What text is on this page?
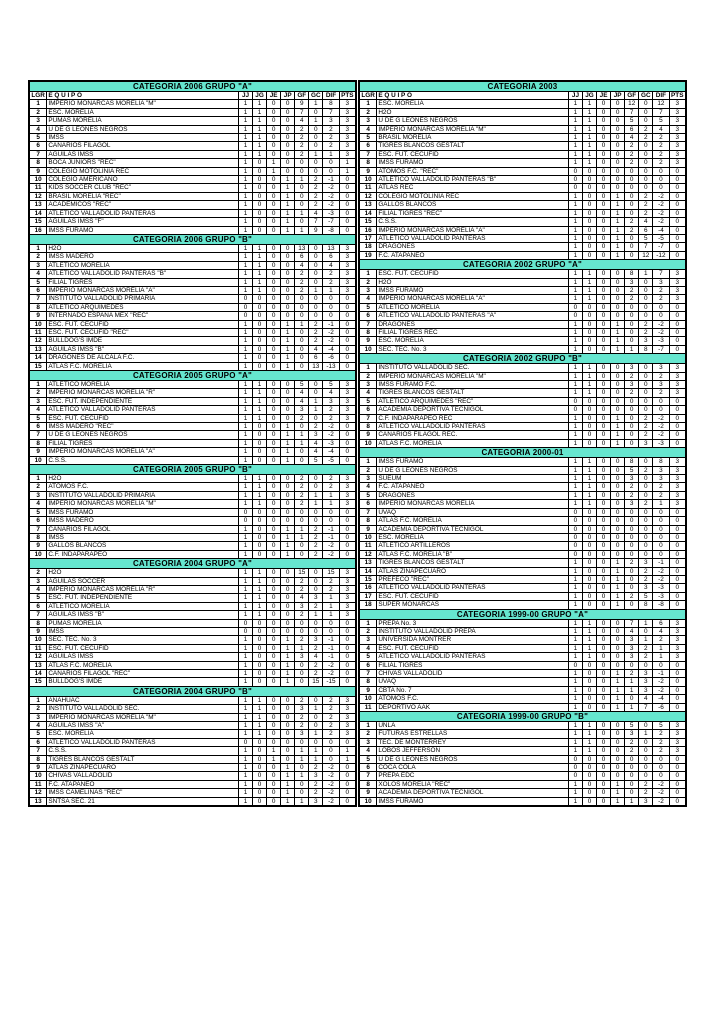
CATEGORIA 2006 GRUPO "A"									
LGR	E Q U I P O	JJ	JG	JE	JP	GF	GC	DIF	PTS
1	IMPERIO MONARCAS MORELIA "M"	1	1	0	0	9	1	8	3
2	ESC. MORELIA	1	1	0	0	7	0	7	3
3	PUMAS MORELIA	1	1	0	0	4	1	3	3
4	U DE G LEONES NEGROS	1	1	0	0	2	0	2	3
5	IMSS	1	1	0	0	2	0	2	3
6	CANARIOS FILAGOL	1	1	0	0	2	0	2	3
7	AGUILAS IMSS	1	1	0	0	2	1	1	3
8	BOCA JUNIORS "REC"	1	0	1	0	0	0	0	1
9	COLEGIO MOTOLINIA REC	1	0	1	0	0	0	0	1
10	COLEGIO AMERICANO	1	0	0	1	1	2	-1	0
11	KIDS SOCCER CLUB "REC"	1	0	0	1	0	2	-2	0
12	BRASIL MORELIA "REC"	1	0	0	1	0	2	-2	0
13	ACADEMICOS "REC"	1	0	0	1	0	2	-2	0
14	ATLETICO VALLADOLID PANTERAS	1	0	0	1	1	4	-3	0
15	AGUILAS IMSS "F"	1	0	0	1	0	7	-7	0
16	IMSS FURAMO	1	0	0	1	1	9	-8	0
CATEGORIA 2006 GRUPO "B"									
1	H2O	1	1	0	0	13	0	13	3
2	IMSS MADERO	1	1	0	0	6	0	6	3
3	ATLETICO MORELIA	1	1	0	0	4	0	4	3
4	ATLETICO VALLADOLID PANTERAS "B"	1	1	0	0	2	0	2	3
5	FILIAL TIGRES	1	1	0	0	2	0	2	3
6	IMPERIO MONARCAS MORELIA "A"	1	1	0	0	2	1	1	3
7	INSTITUTO VALLADOLID PRIMARIA	0	0	0	0	0	0	0	0
8	ATLETICO ARQUIMEDES	0	0	0	0	0	0	0	0
9	INTERNADO ESPAÑA MEX "REC"	0	0	0	0	0	0	0	0
10	ESC. FUT. CECUFID	1	0	0	1	1	2	-1	0
11	ESC. FUT. CECUFID "REC"	1	0	0	1	0	2	-2	0
12	BULLDOG'S IMDE	1	0	0	1	0	2	-2	0
13	AGUILAS IMSS "B"	1	0	0	1	0	4	-4	0
14	DRAGONES DE ALCALA F.C.	1	0	0	1	0	6	-6	0
15	ATLAS F.C. MORELIA	1	0	0	1	0	13	-13	0
CATEGORIA 2005 GRUPO "A"									
1	ATLETICO MORELIA	1	1	0	0	5	0	5	3
2	IMPERIO MONARCAS MORELIA "R"	1	1	0	0	4	0	4	3
3	ESC. FUT. INDEPENDIENTE	1	1	0	0	4	1	3	3
4	ATLETICO VALLADOLID PANTERAS	1	1	0	0	3	1	2	3
5	ESC. FUT. CECUFID	1	1	0	0	2	0	2	3
6	IMSS MADERO "REC"	1	0	0	1	0	2	-2	0
7	U DE G LEONES NEGROS	1	0	0	1	1	3	-2	0
8	FILIAL TIGRES	1	0	0	1	1	4	-3	0
9	IMPERIO MONARCAS MORELIA "A"	1	0	0	1	0	4	-4	0
10	C.S.S.	1	0	0	1	0	5	-5	0
CATEGORIA 2005 GRUPO "B"									
1	H2O	1	1	0	0	2	0	2	3
2	ATOMOS F.C.	1	1	0	0	2	0	2	3
3	INSTITUTO VALLADOLID PRIMARIA	1	1	0	0	2	1	1	3
4	IMPERIO MONARCAS MORELIA "M"	1	1	0	0	2	1	1	3
5	IMSS FURAMO	0	0	0	0	0	0	0	0
6	IMSS MADERO	0	0	0	0	0	0	0	0
7	CANARIOS FILAGOL	1	0	0	1	1	2	-1	0
8	IMSS	1	0	0	1	1	2	-1	0
9	GALLOS BLANCOS	1	0	0	1	0	2	-2	0
10	C.F. INDAPARAPEO	1	0	0	1	0	2	-2	0
CATEGORIA 2004 GRUPO "A"									
2	H2O	1	1	0	0	15	0	15	3
3	AGUILAS SOCCER	1	1	0	0	2	0	2	3
4	IMPERIO MONARCAS MORELIA "R"	1	1	0	0	2	0	2	3
5	ESC. FUT. INDEPENDIENTE	1	1	0	0	4	3	1	3
6	ATLETICO MORELIA	1	1	0	0	3	2	1	3
7	AGUILAS IMSS "B"	1	1	0	0	2	1	1	3
8	PUMAS MORELIA	0	0	0	0	0	0	0	0
9	IMSS	0	0	0	0	0	0	0	0
10	SEC. TEC. No. 3	1	0	0	1	2	3	-1	0
11	ESC. FUT. CECUFID	1	0	0	1	1	2	-1	0
12	AGUILAS IMSS	1	0	0	1	3	4	-1	0
13	ATLAS F.C. MORELIA	1	0	0	1	0	2	-2	0
14	CANARIOS FILAGOL "REC"	1	0	0	1	0	2	-2	0
15	BULLDOG'S IMDE	1	0	0	1	0	15	-15	0
CATEGORIA 2004 GRUPO "B"									
1	ANAHUAC	1	1	0	0	2	0	2	3
2	INSTITUTO VALLADOLID SEC.	1	1	0	0	3	1	2	3
3	IMPERIO MONARCAS MORELIA "M"	1	1	0	0	2	0	2	3
4	AGUILAS IMSS "A"	1	1	0	0	2	0	2	3
5	ESC. MORELIA	1	1	0	0	3	1	2	3
6	ATLETICO VALLADOLID PANTERAS	0	0	0	0	0	0	0	0
7	C.S.S.	1	0	1	0	1	1	0	1
8	TIGRES BLANCOS GESTALT	1	0	1	0	1	1	0	1
9	ATLAS ZINAPECUARO	1	0	0	1	0	2	-2	0
10	CHIVAS VALLADOLID	1	0	0	1	1	3	-2	0
11	F.C. ATAPANEO	1	0	0	1	0	2	-2	0
12	IMSS CAMELINAS "REC"	1	0	0	1	0	2	-2	0
13	SNTSA SEC. 21	1	0	0	1	1	3	-2	0
CATEGORIA 2003									
LGR	E Q U I P O	JJ	JG	JE	JP	GF	GC	DIF	PTS
1	ESC. MORELIA	1	1	0	0	12	0	12	3
2	H2O	1	1	0	0	7	0	7	3
3	U DE G LEONES NEGROS	1	1	0	0	5	0	5	3
4	IMPERIO MONARCAS MORELIA "M"	1	1	0	0	6	2	4	3
5	BRASIL MORELIA	1	1	0	0	4	2	2	3
6	TIGRES BLANCOS GESTALT	1	1	0	0	2	0	2	3
7	ESC. FUT. CECUFID	1	1	0	0	2	0	2	3
8	IMSS FURAMO	1	1	0	0	2	0	2	3
9	ATOMOS F.C. "REC"	0	0	0	0	0	0	0	0
10	ATLETICO VALLADOLID PANTERAS "B"	0	0	0	0	0	0	0	0
11	ATLAS REC	0	0	0	0	0	0	0	0
12	COLEGIO MOTOLINIA REC	1	0	0	1	0	2	-2	0
13	GALLOS BLANCOS	1	0	0	1	0	2	-2	0
14	FILIAL TIGRES "REC"	1	0	0	1	0	2	-2	0
15	C.S.S.	1	0	0	1	2	4	-2	0
16	IMPERIO MONARCAS MORELIA "A"	1	0	0	1	2	6	-4	0
17	ATLETICO VALLADOLID PANTERAS	1	0	0	1	0	5	-5	0
18	DRAGONES	1	0	0	1	0	7	-7	0
19	F.C. ATAPANEO	1	0	0	1	0	12	-12	0
CATEGORIA 2002 GRUPO "A"									
1	ESC. FUT. CECUFID	1	1	0	0	8	1	7	3
2	H2O	1	1	0	0	3	0	3	3
3	IMSS FURAMO	1	1	0	0	2	0	2	3
4	IMPERIO MONARCAS MORELIA "A"	1	1	0	0	2	0	2	3
5	ATLETICO MORELIA	0	0	0	0	0	0	0	0
6	ATLETICO VALLADOLID PANTERAS "A"	0	0	0	0	0	0	0	0
7	DRAGONES	1	0	0	1	0	2	-2	0
8	FILIAL TIGRES REC	1	0	0	1	0	2	-2	0
9	ESC. MORELIA	1	0	0	1	0	3	-3	0
10	SEC. TEC. No. 3	1	0	0	1	1	8	-7	0
CATEGORIA 2002 GRUPO "B"									
1	INSTITUTO VALLADOLID SEC.	1	1	0	0	3	0	3	3
2	IMPERIO MONARCAS MORELIA "M"	1	1	0	0	2	0	2	3
3	IMSS FURAMO F.C.	1	1	0	0	3	0	3	3
4	TIGRES BLANCOS GESTALT	1	1	0	0	2	0	2	3
5	ATLETICO ARQUIMEDES "REC"	0	0	0	0	0	0	0	0
6	ACADEMIA DEPORTIVA TECNIGOL	0	0	0	0	0	0	0	0
7	C.F. INDAPARAPEO REC	1	0	0	1	0	2	-2	0
8	ATLETICO VALLADOLID PANTERAS	1	0	0	1	0	2	-2	0
9	CANARIOS FILAGOL REC.	1	0	0	1	0	2	-2	0
10	ATLAS F.C. MORELIA	1	0	0	1	0	3	-3	0
CATEGORIA 2000-01									
1	IMSS FURAMO	1	1	0	0	8	0	8	3
2	U DE G LEONES NEGROS	1	1	0	0	5	2	3	3
3	SUEUM	1	1	0	0	3	0	3	3
4	F.C. ATAPANEO	1	1	0	0	2	0	2	3
5	DRAGONES	1	1	0	0	2	0	2	3
6	IMPERIO MONARCAS MORELIA	1	1	0	0	3	2	1	3
7	UVAQ	0	0	0	0	0	0	0	0
8	ATLAS F.C. MORELIA	0	0	0	0	0	0	0	0
9	ACADEMIA DEPORTIVA TECNIGOL	0	0	0	0	0	0	0	0
10	ESC. MORELIA	0	0	0	0	0	0	0	0
11	ATLETICO ARTILLEROS	0	0	0	0	0	0	0	0
12	ATLAS F.C. MORELIA "B"	0	0	0	0	0	0	0	0
13	TIGRES BLANCOS GESTALT	1	0	0	1	2	3	-1	0
14	ATLAS ZINAPECUARO	1	0	0	1	0	2	-2	0
15	PREFECO "REC"	1	0	0	1	0	2	-2	0
16	ATLETICO VALLADOLID PANTERAS	1	0	0	1	0	3	-3	0
17	ESC. FUT. CECUFID	1	0	0	1	2	5	-3	0
18	SUPER MONARCAS	1	0	0	1	0	8	-8	0
CATEGORIA 1999-00 GRUPO "A"									
1	PREPA No. 3	1	1	0	0	7	1	6	3
2	INSTITUTO VALLADOLID PREPA	1	1	0	0	4	0	4	3
3	UNIVERSIDA MONTRER	1	1	0	0	3	1	2	3
4	ESC. FUT. CECUFID	1	1	0	0	3	2	1	3
5	ATLETICO VALLADOLID PANTERAS	1	1	0	0	3	2	1	3
6	FILIAL TIGRES	0	0	0	0	0	0	0	0
7	CHIVAS VALLADOLID	1	0	0	1	2	3	-1	0
8	UVAQ	1	0	0	1	1	3	-2	0
9	CBTA No. 7	1	0	0	1	1	3	-2	0
10	ATOMOS F.C.	1	0	0	1	0	4	-4	0
11	DEPORTIVO AAK	1	0	0	1	1	7	-6	0
CATEGORIA 1999-00 GRUPO "B"									
1	UNLA	1	1	0	0	5	0	5	3
2	FUTURAS ESTRELLAS	1	1	0	0	3	1	2	3
3	TEC. DE MONTERREY	1	1	0	0	2	0	2	3
4	LOBOS JEFFERSON	1	1	0	0	2	0	2	3
5	U DE G LEONES NEGROS	0	0	0	0	0	0	0	0
6	COCA COLA	0	0	0	0	0	0	0	0
7	PREPA EDC	0	0	0	0	0	0	0	0
8	XOLOS MORELIA "REC"	1	0	0	1	0	2	-2	0
9	ACADEMIA DEPORTIVA TECNIGOL	1	0	0	1	0	2	-2	0
10	IMSS FURAMO	1	0	0	1	1	3	-2	0
